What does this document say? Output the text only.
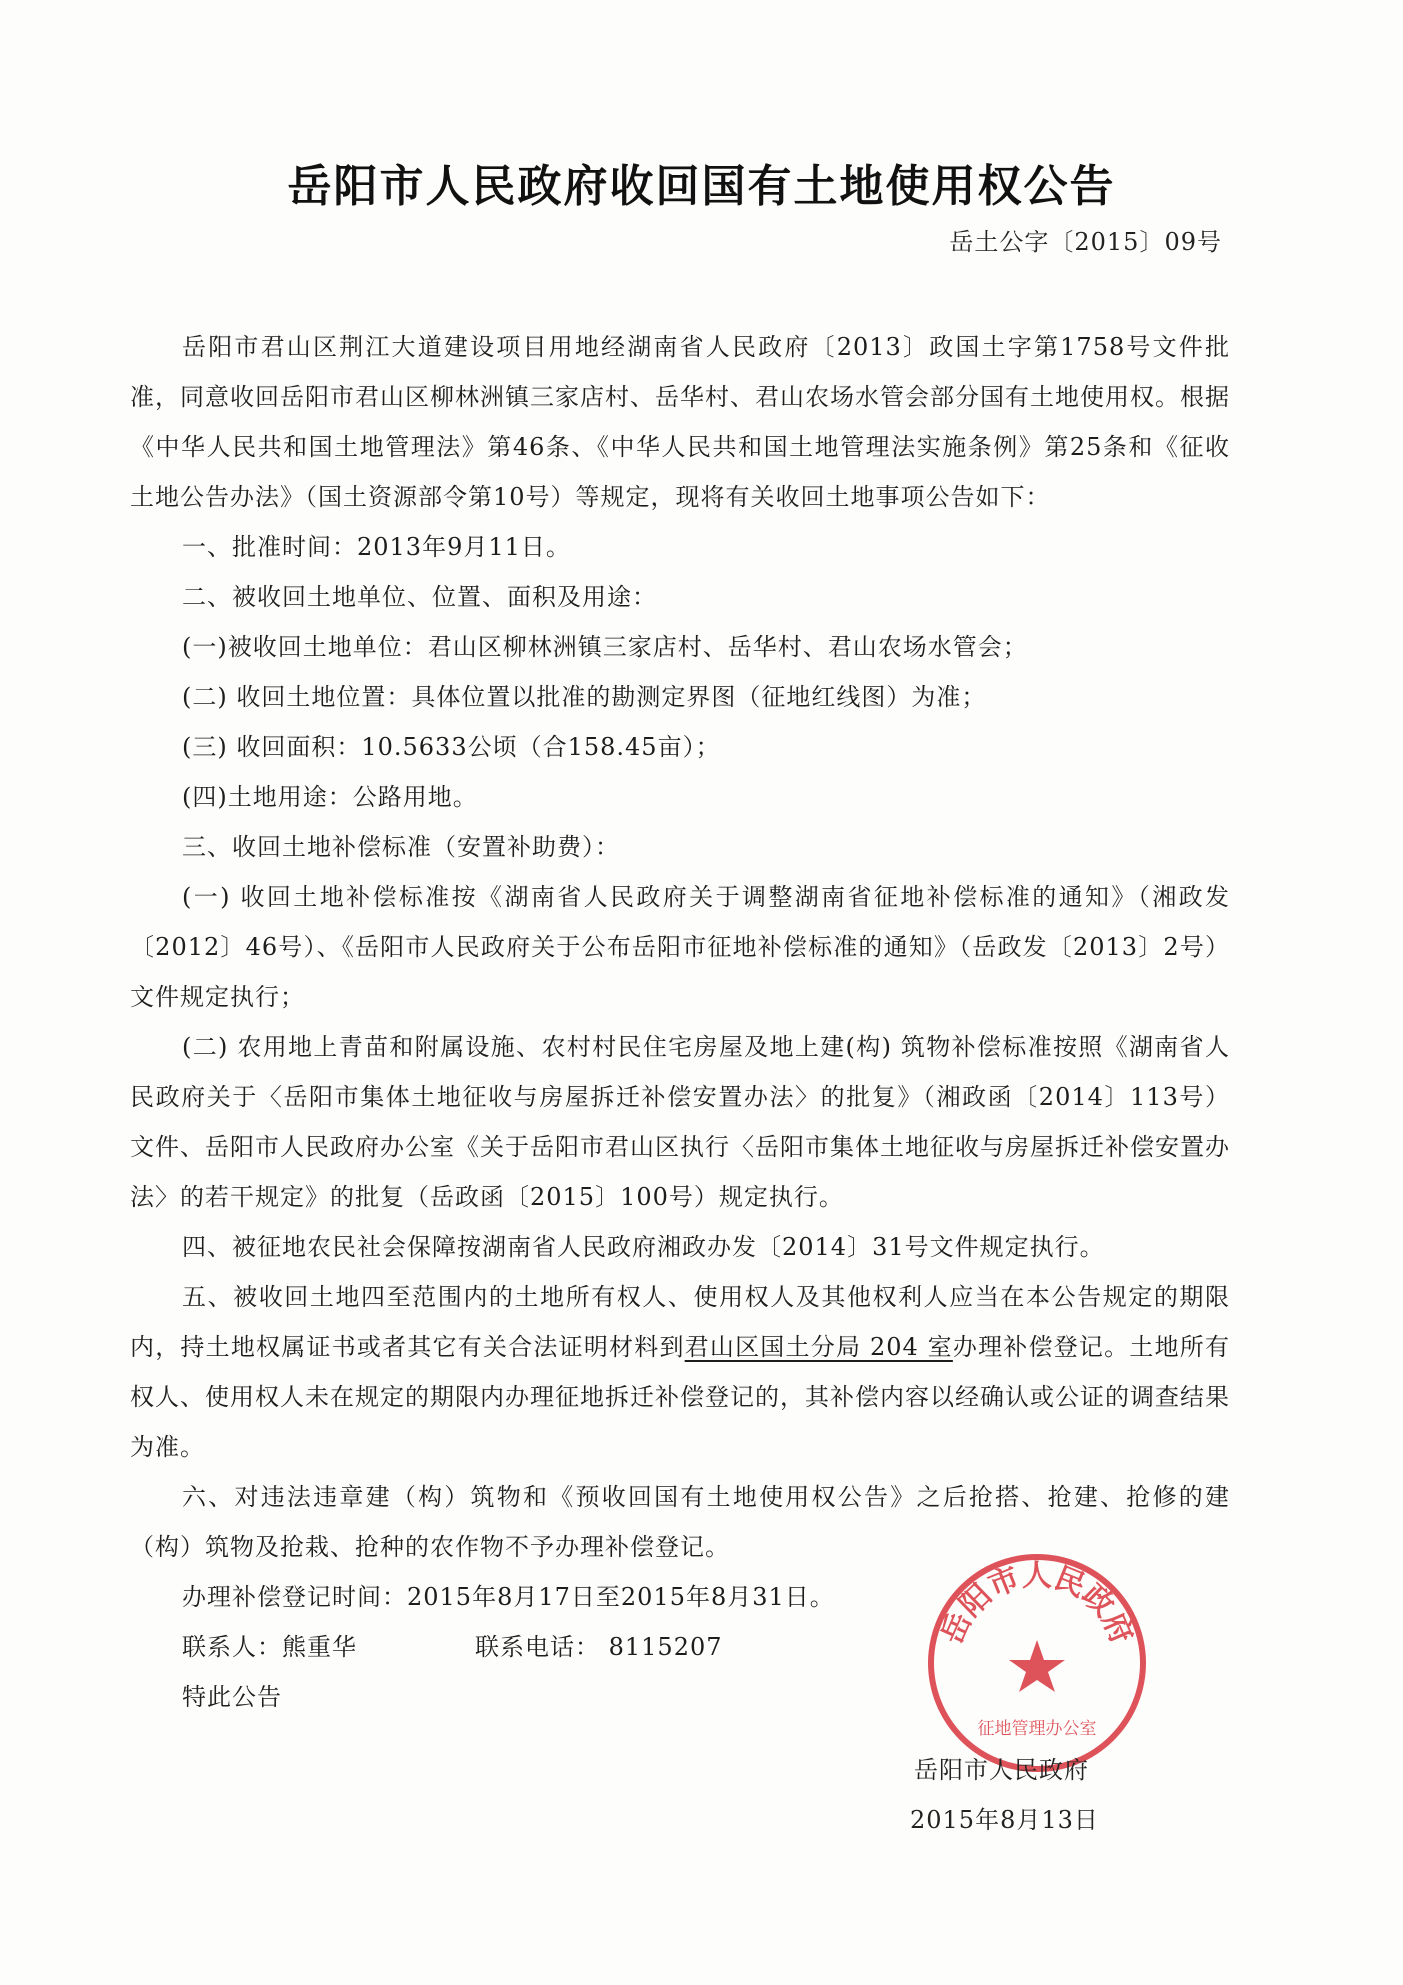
岳阳市人民政府收回国有土地使用权公告
岳土公字〔2015〕09号

岳阳市君山区荆江大道建设项目用地经湖南省人民政府〔2013〕政国土字第1758号文件批准，同意收回岳阳市君山区柳林洲镇三家店村、岳华村、君山农场水管会部分国有土地使用权。根据《中华人民共和国土地管理法》第46条、《中华人民共和国土地管理法实施条例》第25条和《征收土地公告办法》（国土资源部令第10号）等规定，现将有关收回土地事项公告如下：

一、批准时间：2013年9月11日。

二、被收回土地单位、位置、面积及用途：

(一)被收回土地单位：君山区柳林洲镇三家店村、岳华村、君山农场水管会；

(二) 收回土地位置：具体位置以批准的勘测定界图（征地红线图）为准；

(三) 收回面积：10.5633公顷（合158.45亩）；

(四)土地用途：公路用地。

三、收回土地补偿标准（安置补助费）：

(一) 收回土地补偿标准按《湖南省人民政府关于调整湖南省征地补偿标准的通知》（湘政发〔2012〕46号）、《岳阳市人民政府关于公布岳阳市征地补偿标准的通知》（岳政发〔2013〕2号）文件规定执行；

(二) 农用地上青苗和附属设施、农村村民住宅房屋及地上建(构) 筑物补偿标准按照《湖南省人民政府关于〈岳阳市集体土地征收与房屋拆迁补偿安置办法〉的批复》（湘政函〔2014〕113号）文件、岳阳市人民政府办公室《关于岳阳市君山区执行〈岳阳市集体土地征收与房屋拆迁补偿安置办法〉的若干规定》的批复（岳政函〔2015〕100号）规定执行。

四、被征地农民社会保障按湖南省人民政府湘政办发〔2014〕31号文件规定执行。

五、被收回土地四至范围内的土地所有权人、使用权人及其他权利人应当在本公告规定的期限内，持土地权属证书或者其它有关合法证明材料到君山区国土分局 204 室办理补偿登记。土地所有权人、使用权人未在规定的期限内办理征地拆迁补偿登记的，其补偿内容以经确认或公证的调查结果为准。

六、对违法违章建（构）筑物和《预收回国有土地使用权公告》之后抢搭、抢建、抢修的建（构）筑物及抢栽、抢种的农作物不予办理补偿登记。

办理补偿登记时间：2015年8月17日至2015年8月31日。

联系人：熊重华	联系电话： 8115207

特此公告

岳阳市人民政府
征地管理办公室
岳阳市人民政府
2015年8月13日
